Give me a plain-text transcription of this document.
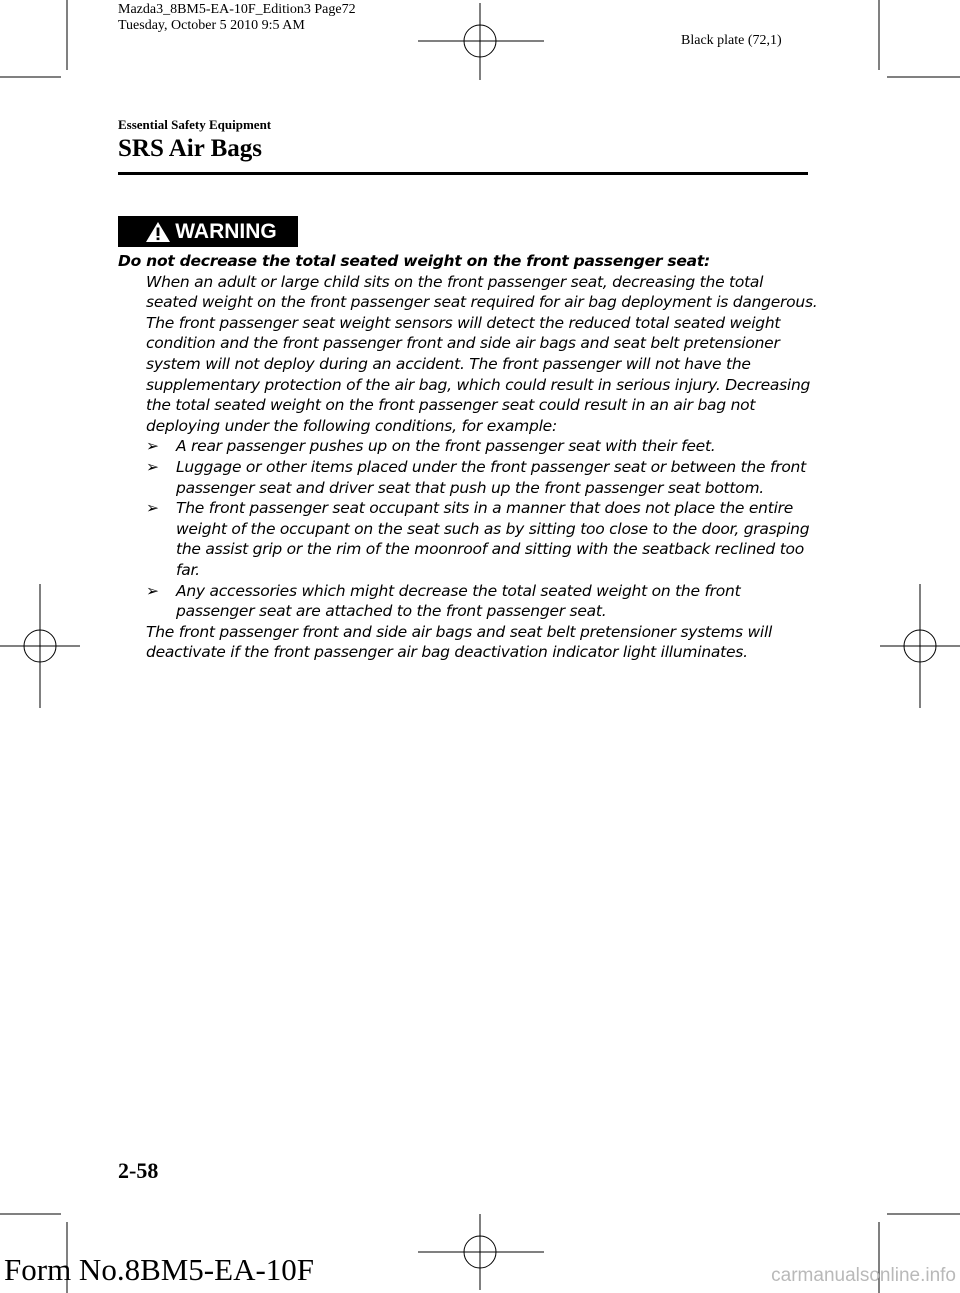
Mazda3_8BM5-EA-10F_Edition3 Page72
Tuesday, October 5 2010 9:5 AM
Black plate (72,1)
Essential Safety Equipment
SRS Air Bags
WARNING

Do not decrease the total seated weight on the front passenger seat:

When an adult or large child sits on the front passenger seat, decreasing the total seated weight on the front passenger seat required for air bag deployment is dangerous. The front passenger seat weight sensors will detect the reduced total seated weight condition and the front passenger front and side air bags and seat belt pretensioner system will not deploy during an accident. The front passenger will not have the supplementary protection of the air bag, which could result in serious injury. Decreasing the total seated weight on the front passenger seat could result in an air bag not deploying under the following conditions, for example:

➢	A rear passenger pushes up on the front passenger seat with their feet.
➢	Luggage or other items placed under the front passenger seat or between the front passenger seat and driver seat that push up the front passenger seat bottom.
➢	The front passenger seat occupant sits in a manner that does not place the entire weight of the occupant on the seat such as by sitting too close to the door, grasping the assist grip or the rim of the moonroof and sitting with the seatback reclined too far.
➢	Any accessories which might decrease the total seated weight on the front passenger seat are attached to the front passenger seat.

The front passenger front and side air bags and seat belt pretensioner systems will deactivate if the front passenger air bag deactivation indicator light illuminates.

2-58
Form No.8BM5-EA-10F	carmanualsonline.info
